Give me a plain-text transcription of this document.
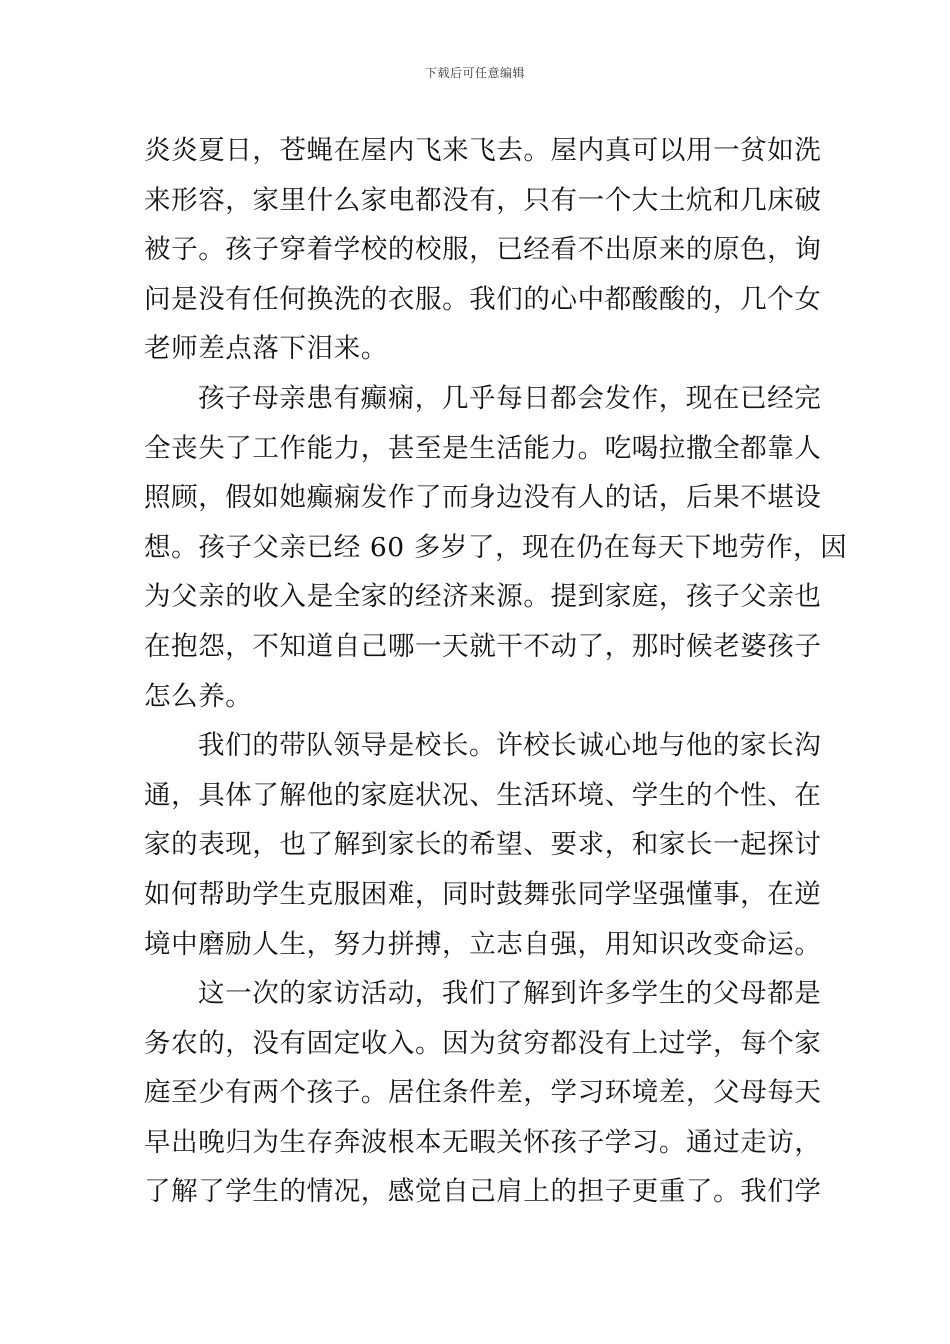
下载后可任意编辑

炎炎夏日，苍蝇在屋内飞来飞去。屋内真可以用一贫如洗
来形容，家里什么家电都没有，只有一个大土炕和几床破
被子。孩子穿着学校的校服，已经看不出原来的原色，询
问是没有任何换洗的衣服。我们的心中都酸酸的，几个女
老师差点落下泪来。

孩子母亲患有癫痫，几乎每日都会发作，现在已经完
全丧失了工作能力，甚至是生活能力。吃喝拉撒全都靠人
照顾，假如她癫痫发作了而身边没有人的话，后果不堪设
想。孩子父亲已经 60 多岁了，现在仍在每天下地劳作，因
为父亲的收入是全家的经济来源。提到家庭，孩子父亲也
在抱怨，不知道自己哪一天就干不动了，那时候老婆孩子
怎么养。

我们的带队领导是校长。许校长诚心地与他的家长沟
通，具体了解他的家庭状况、生活环境、学生的个性、在
家的表现，也了解到家长的希望、要求，和家长一起探讨
如何帮助学生克服困难，同时鼓舞张同学坚强懂事，在逆
境中磨励人生，努力拼搏，立志自强，用知识改变命运。

这一次的家访活动，我们了解到许多学生的父母都是
务农的，没有固定收入。因为贫穷都没有上过学，每个家
庭至少有两个孩子。居住条件差，学习环境差，父母每天
早出晚归为生存奔波根本无暇关怀孩子学习。通过走访，
了解了学生的情况，感觉自己肩上的担子更重了。我们学
